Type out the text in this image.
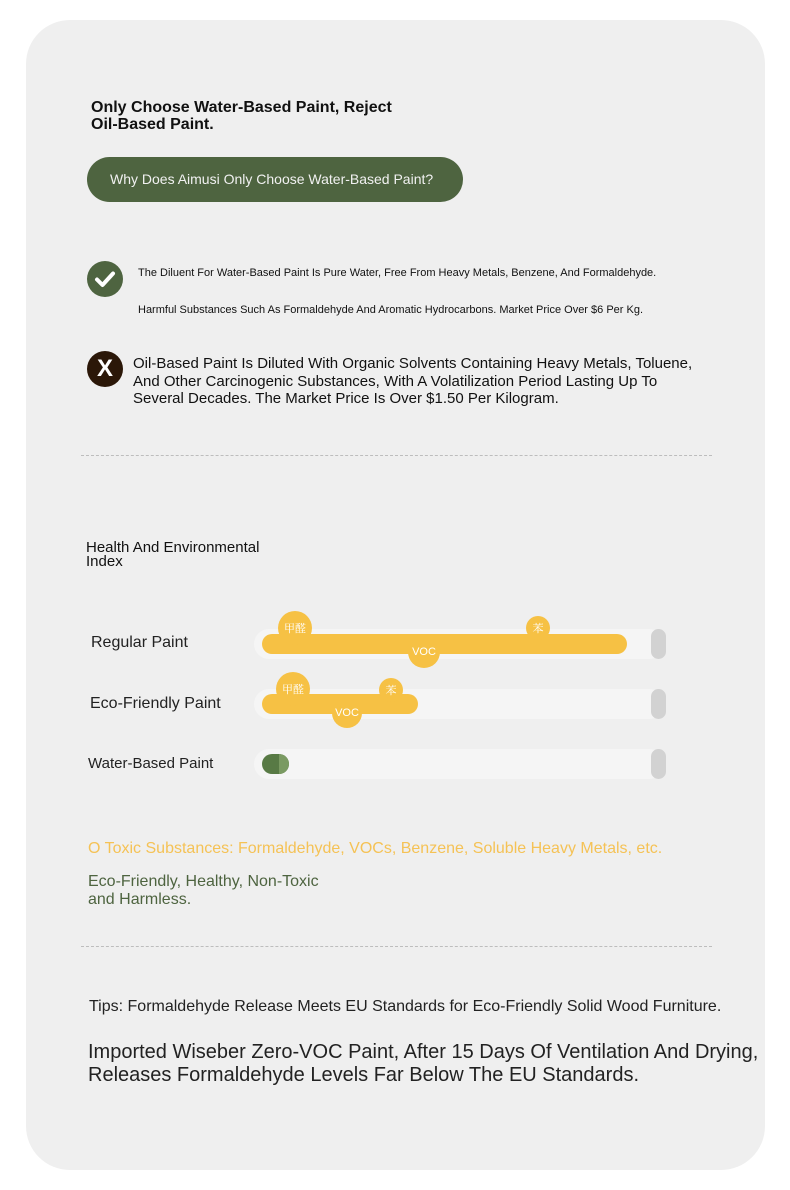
Only Choose Water-Based Paint, Reject Oil-Based Paint.
Why Does Aimusi Only Choose Water-Based Paint?
The Diluent For Water-Based Paint Is Pure Water, Free From Heavy Metals, Benzene, And Formaldehyde.
Harmful Substances Such As Formaldehyde And Aromatic Hydrocarbons. Market Price Over $6 Per Kg.
X Oil-Based Paint Is Diluted With Organic Solvents Containing Heavy Metals, Toluene, And Other Carcinogenic Substances, With A Volatilization Period Lasting Up To Several Decades. The Market Price Is Over $1.50 Per Kilogram.
Health And Environmental Index
Regular Paint
甲醛	苯
VOC
Eco-Friendly Paint
甲醛	苯
VOC
Water-Based Paint
O Toxic Substances: Formaldehyde, VOCs, Benzene, Soluble Heavy Metals, etc.
Eco-Friendly, Healthy, Non-Toxic and Harmless.
Tips: Formaldehyde Release Meets EU Standards for Eco-Friendly Solid Wood Furniture.
Imported Wiseber Zero-VOC Paint, After 15 Days Of Ventilation And Drying, Releases Formaldehyde Levels Far Below The EU Standards.
